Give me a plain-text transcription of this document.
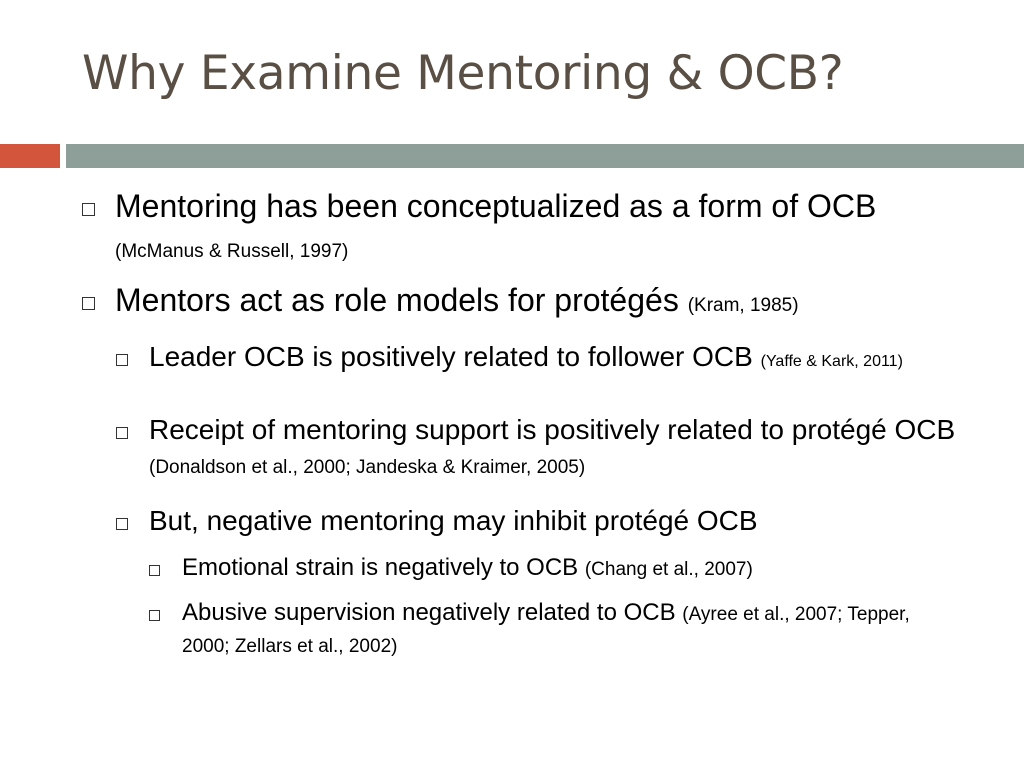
Why Examine Mentoring & OCB?
Mentoring has been conceptualized as a form of OCB (McManus & Russell, 1997)
Mentors act as role models for protégés (Kram, 1985)
Leader OCB is positively related to follower OCB (Yaffe & Kark, 2011)
Receipt of mentoring support is positively related to protégé OCB (Donaldson et al., 2000; Jandeska & Kraimer, 2005)
But, negative mentoring may inhibit protégé OCB
Emotional strain is negatively to OCB (Chang et al., 2007)
Abusive supervision negatively related to OCB (Ayree et al., 2007; Tepper, 2000; Zellars et al., 2002)
